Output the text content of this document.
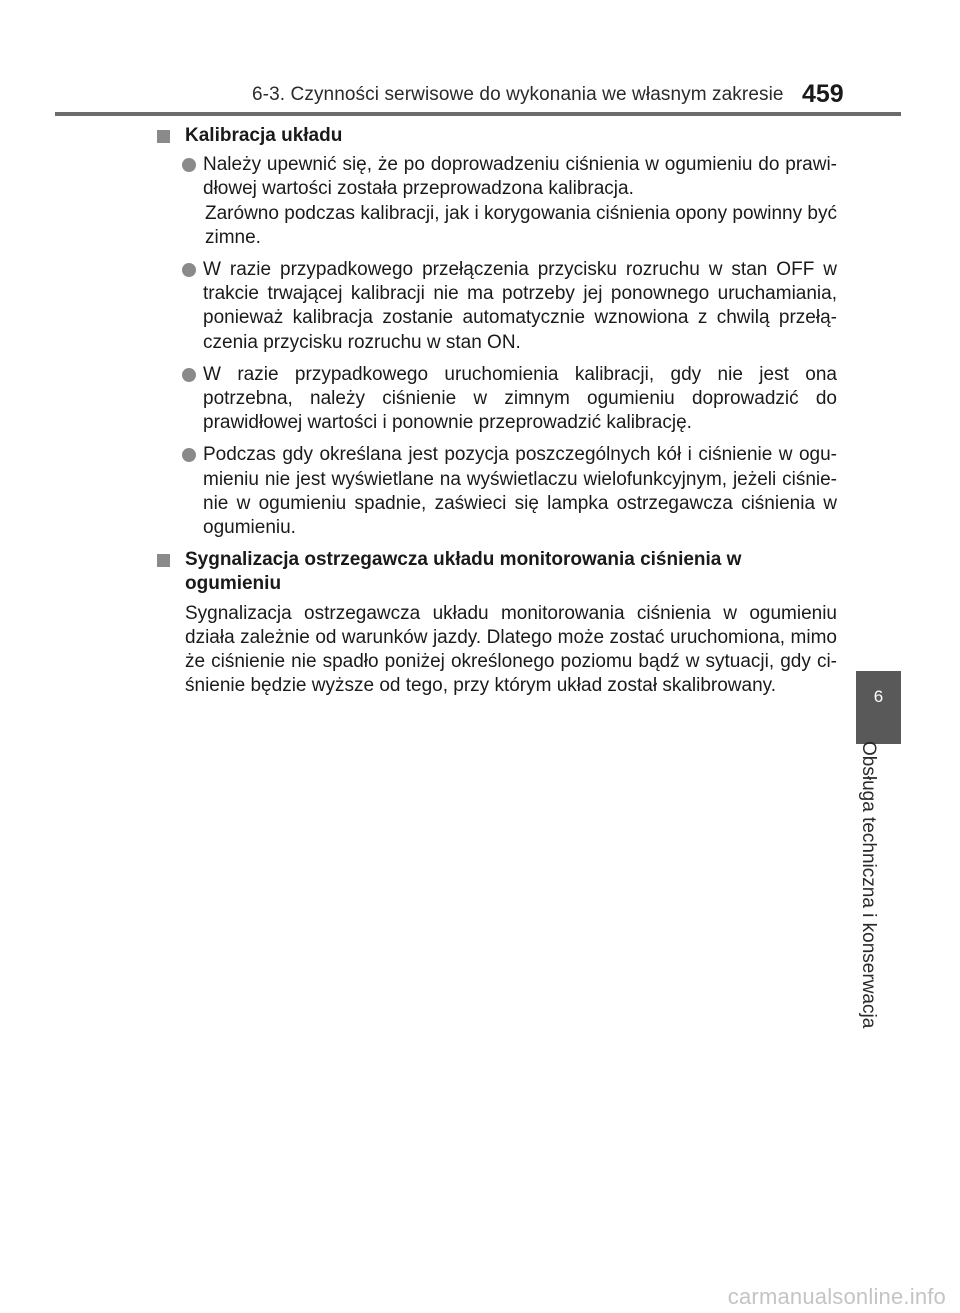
6-3. Czynności serwisowe do wykonania we własnym zakresie 459
Kalibracja układu

Należy upewnić się, że po doprowadzeniu ciśnienia w ogumieniu do prawi-dłowej wartości została przeprowadzona kalibracja.

Zarówno podczas kalibracji, jak i korygowania ciśnienia opony powinny być zimne.

W razie przypadkowego przełączenia przycisku rozruchu w stan OFF w trakcie trwającej kalibracji nie ma potrzeby jej ponownego uruchamiania, ponieważ kalibracja zostanie automatycznie wznowiona z chwilą przełą-czenia przycisku rozruchu w stan ON.

W razie przypadkowego uruchomienia kalibracji, gdy nie jest ona potrzebna, należy ciśnienie w zimnym ogumieniu doprowadzić do prawidłowej wartości i ponownie przeprowadzić kalibrację.

Podczas gdy określana jest pozycja poszczególnych kół i ciśnienie w ogu-mieniu nie jest wyświetlane na wyświetlaczu wielofunkcyjnym, jeżeli ciśnie-nie w ogumieniu spadnie, zaświeci się lampka ostrzegawcza ciśnienia w ogumieniu.

Sygnalizacja ostrzegawcza układu monitorowania ciśnienia w ogumieniu
Sygnalizacja ostrzegawcza układu monitorowania ciśnienia w ogumieniu działa zależnie od warunków jazdy. Dlatego może zostać uruchomiona, mimo że ciśnienie nie spadło poniżej określonego poziomu bądź w sytuacji, gdy ci-śnienie będzie wyższe od tego, przy którym układ został skalibrowany.
6
Obsługa techniczna i konserwacja
carmanualsonline.info
